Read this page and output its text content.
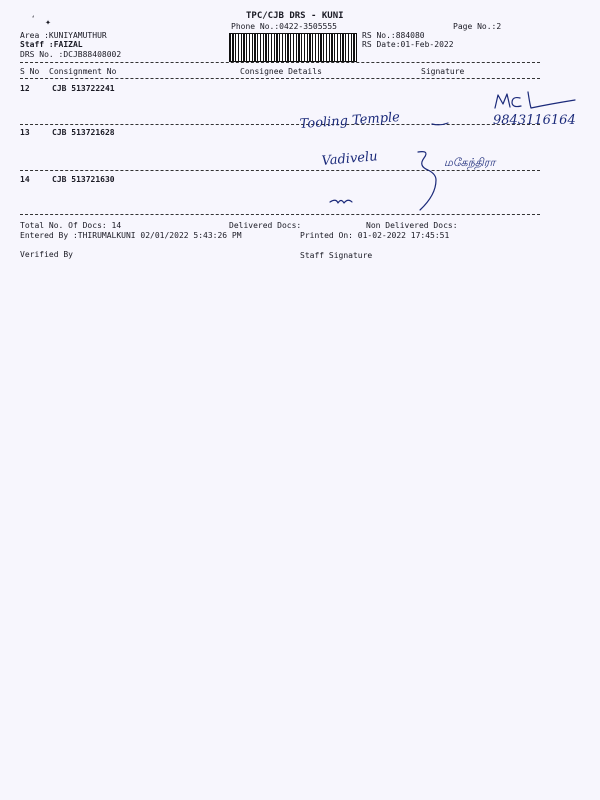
ʻ ✦
TPC/CJB DRS - KUNI
Phone No.:0422-3505555	Page No.:2
Area :KUNIYAMUTHUR
Staff :FAIZAL
DRS No. :DCJB88408002
RS No.:884080
RS Date:01-Feb-2022
S No Consignment No	Consignee Details	Signature
12	CJB 513722241
13	CJB 513721628
14	CJB 513721630
Tooling Temple	9843116164
Vadivelu	மகேந்திரா
Total No. Of Docs: 14	Delivered Docs:	Non Delivered Docs:
Entered By :THIRUMALKUNI 02/01/2022 5:43:26 PM	Printed On: 01-02-2022 17:45:51
Verified By	Staff Signature
